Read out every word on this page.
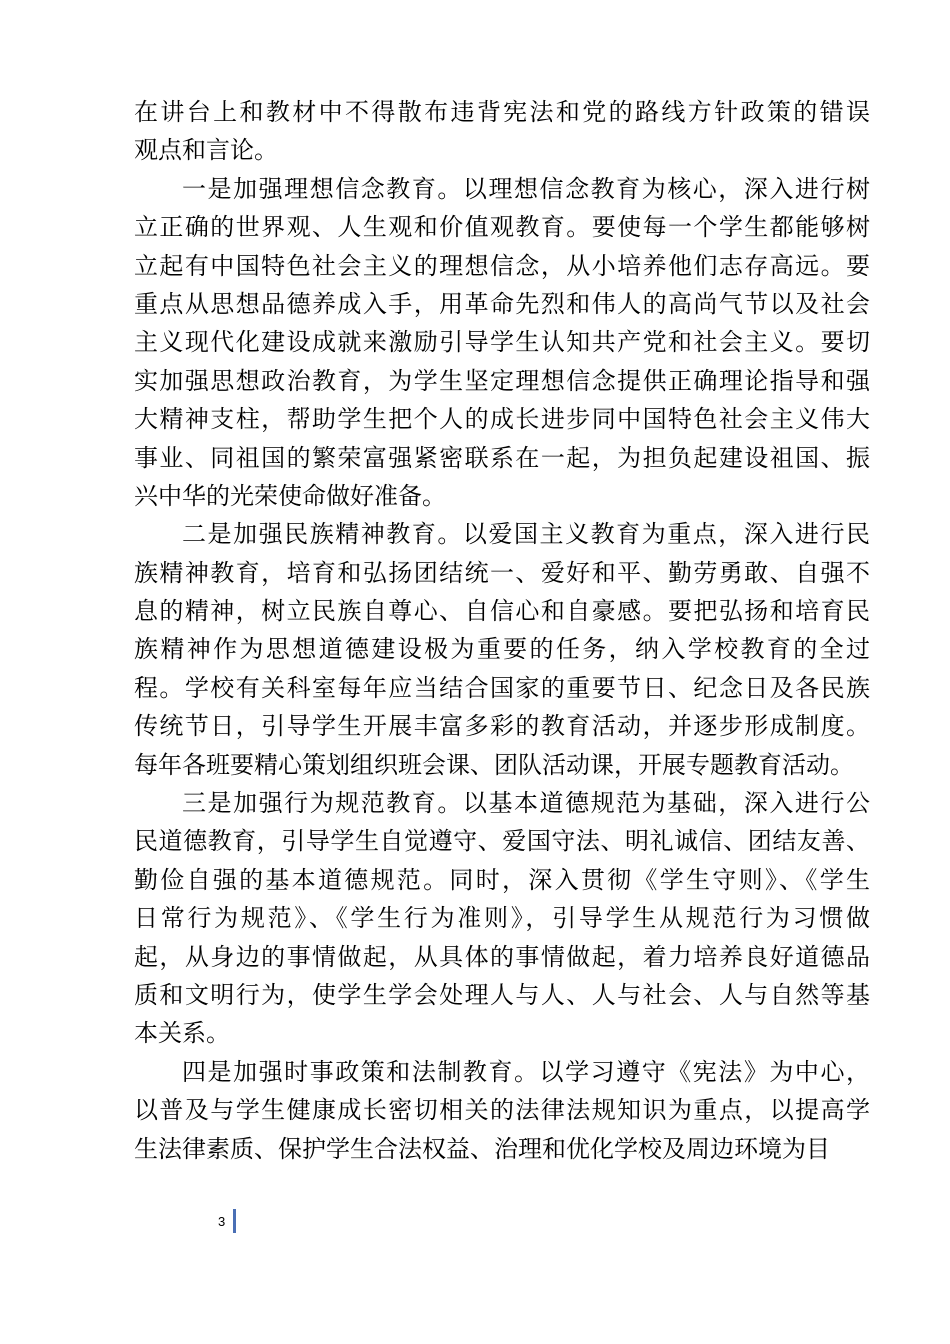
在讲台上和教材中不得散布违背宪法和党的路线方针政策的错误
观点和言论。
一是加强理想信念教育。以理想信念教育为核心，深入进行树
立正确的世界观、人生观和价值观教育。要使每一个学生都能够树
立起有中国特色社会主义的理想信念，从小培养他们志存高远。要
重点从思想品德养成入手，用革命先烈和伟人的高尚气节以及社会
主义现代化建设成就来激励引导学生认知共产党和社会主义。要切
实加强思想政治教育，为学生坚定理想信念提供正确理论指导和强
大精神支柱，帮助学生把个人的成长进步同中国特色社会主义伟大
事业、同祖国的繁荣富强紧密联系在一起，为担负起建设祖国、振
兴中华的光荣使命做好准备。
二是加强民族精神教育。以爱国主义教育为重点，深入进行民
族精神教育，培育和弘扬团结统一、爱好和平、勤劳勇敢、自强不
息的精神，树立民族自尊心、自信心和自豪感。要把弘扬和培育民
族精神作为思想道德建设极为重要的任务，纳入学校教育的全过
程。学校有关科室每年应当结合国家的重要节日、纪念日及各民族
传统节日，引导学生开展丰富多彩的教育活动，并逐步形成制度。
每年各班要精心策划组织班会课、团队活动课，开展专题教育活动。
三是加强行为规范教育。以基本道德规范为基础，深入进行公
民道德教育，引导学生自觉遵守、爱国守法、明礼诚信、团结友善、
勤俭自强的基本道德规范。同时，深入贯彻《学生守则》、《学生
日常行为规范》、《学生行为准则》，引导学生从规范行为习惯做
起，从身边的事情做起，从具体的事情做起，着力培养良好道德品
质和文明行为，使学生学会处理人与人、人与社会、人与自然等基
本关系。
四是加强时事政策和法制教育。以学习遵守《宪法》为中心，
以普及与学生健康成长密切相关的法律法规知识为重点，以提高学
生法律素质、保护学生合法权益、治理和优化学校及周边环境为目
3
